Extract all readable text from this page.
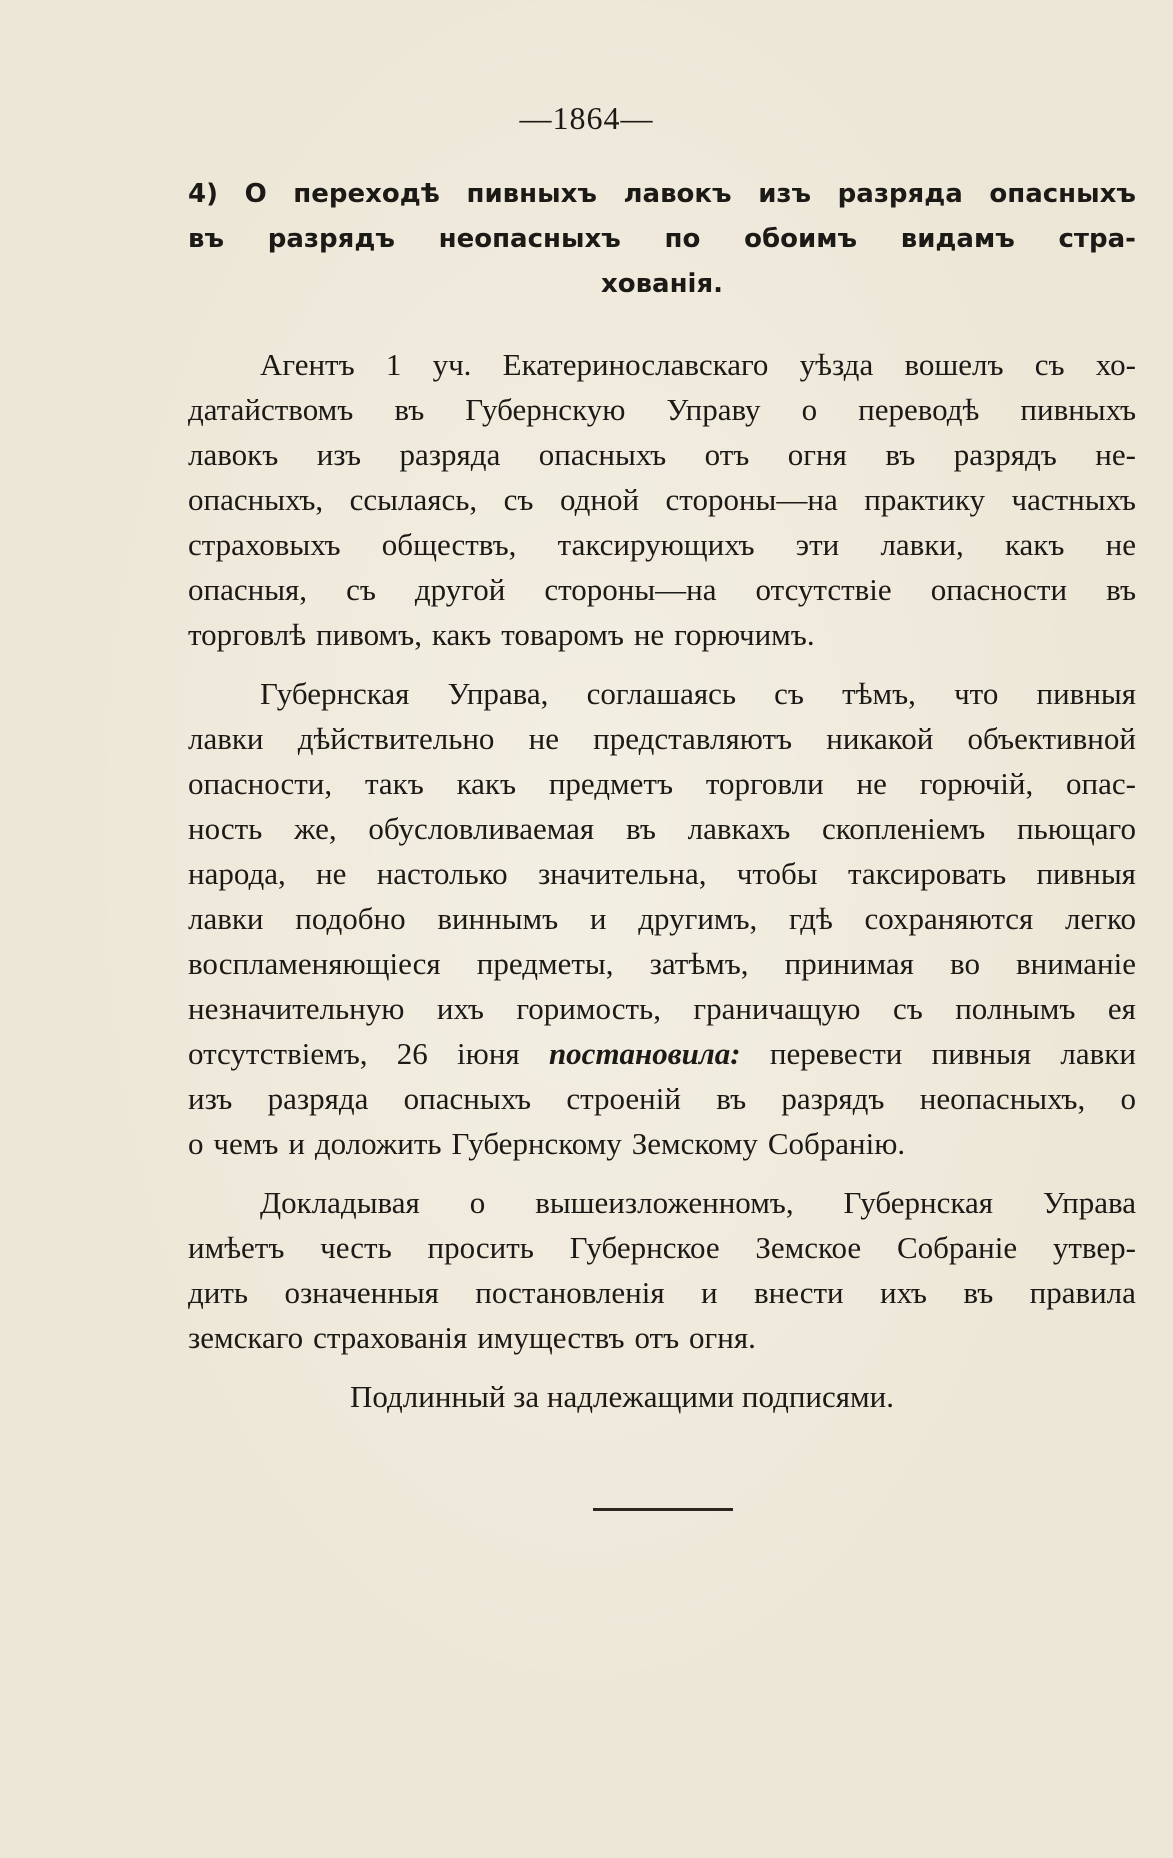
—1864—
4) О переходѣ пивныхъ лавокъ изъ разряда опасныхъ
въ разрядъ неопасныхъ по обоимъ видамъ стра-
хованія.
Агентъ 1 уч. Екатеринославскаго уѣзда вошелъ съ хо-
датайствомъ въ Губернскую Управу о переводѣ пивныхъ
лавокъ изъ разряда опасныхъ отъ огня въ разрядъ не-
опасныхъ, ссылаясь, съ одной стороны—на практику частныхъ
страховыхъ обществъ, таксирующихъ эти лавки, какъ не
опасныя, съ другой стороны—на отсутствіе опасности въ
торговлѣ пивомъ, какъ товаромъ не горючимъ.
Губернская Управа, соглашаясь съ тѣмъ, что пивныя
лавки дѣйствительно не представляютъ никакой объективной
опасности, такъ какъ предметъ торговли не горючій, опас-
ность же, обусловливаемая въ лавкахъ скопленіемъ пьющаго
народа, не настолько значительна, чтобы таксировать пивныя
лавки подобно виннымъ и другимъ, гдѣ сохраняются легко
воспламеняющіеся предметы, затѣмъ, принимая во вниманіе
незначительную ихъ горимость, граничащую съ полнымъ ея
отсутствіемъ, 26 іюня постановила: перевести пивныя лавки
изъ разряда опасныхъ строеній въ разрядъ неопасныхъ, о
о чемъ и доложить Губернскому Земскому Собранію.
Докладывая о вышеизложенномъ, Губернская Управа
имѣетъ честь просить Губернское Земское Собраніе утвер-
дить означенныя постановленія и внести ихъ въ правила
земскаго страхованія имуществъ отъ огня.
Подлинный за надлежащими подписями.
